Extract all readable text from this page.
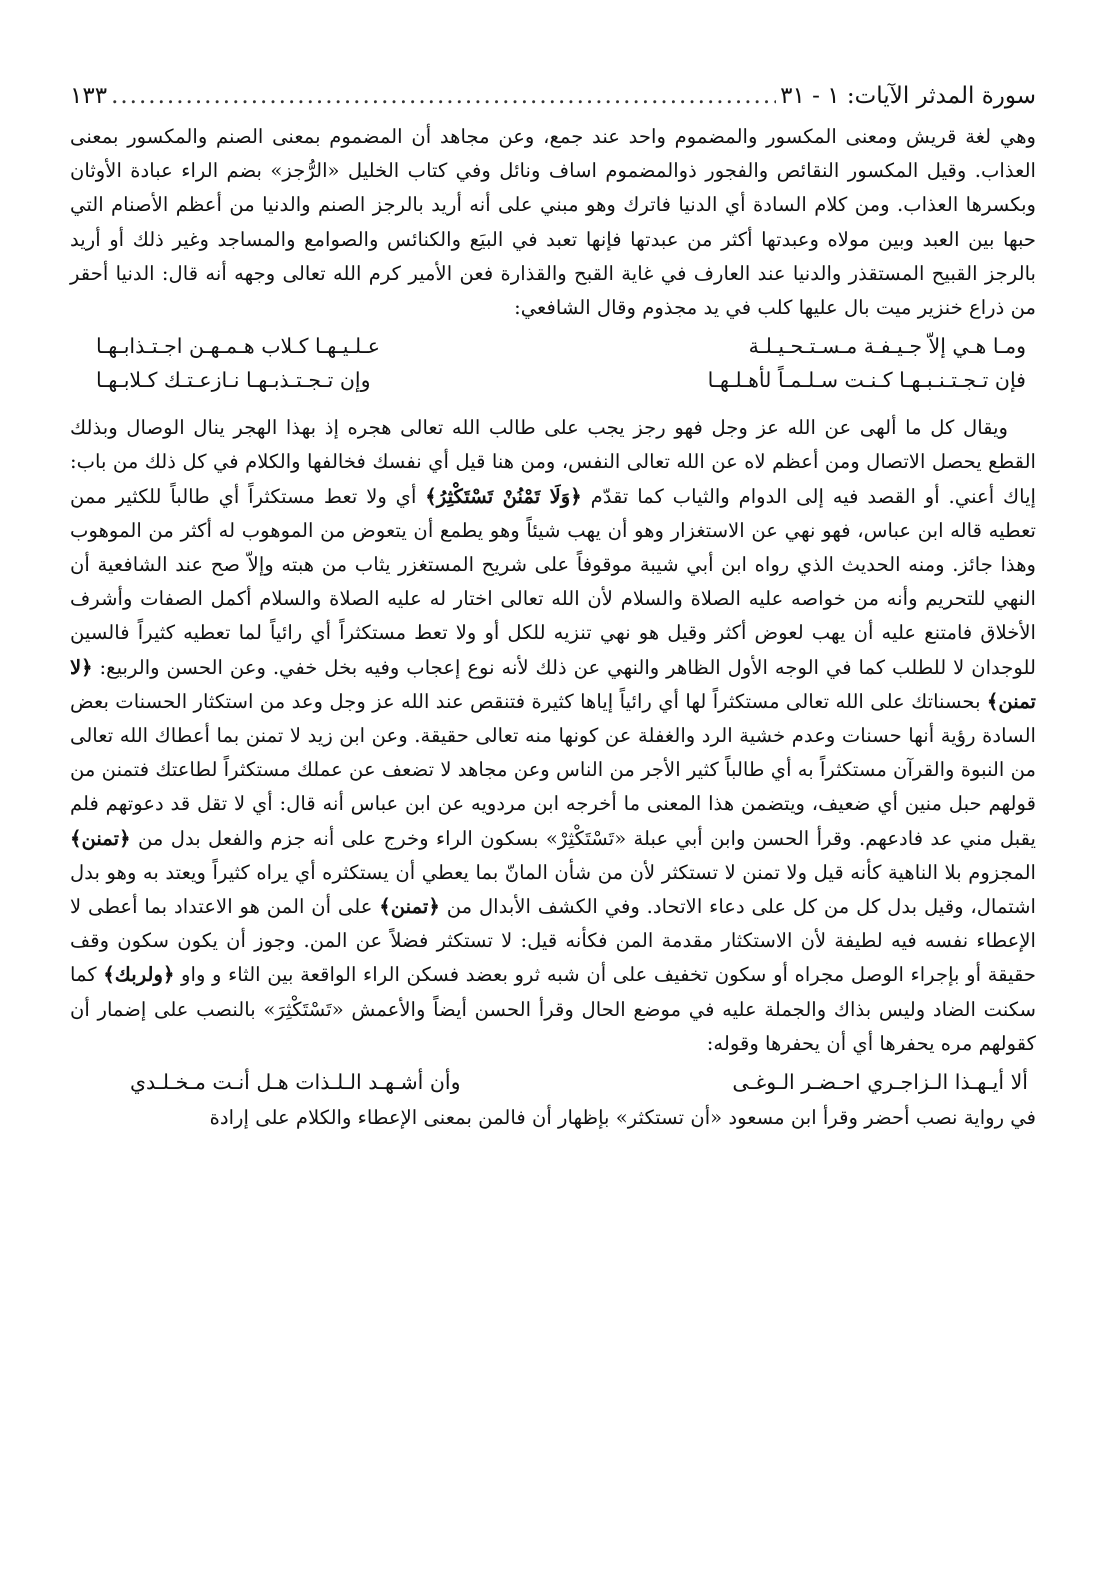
سورة المدثر الآيات: ١ - ٣١
.....
١٣٣

وهي لغة قريش ومعنى المكسور والمضموم واحد عند جمع، وعن مجاهد أن المضموم بمعنى الصنم والمكسور بمعنى العذاب. وقيل المكسور النقائص والفجور ذوالمضموم اساف ونائل وفي كتاب الخليل «الرُّجز» بضم الراء عبادة الأوثان وبكسرها العذاب. ومن كلام السادة أي الدنيا فاترك وهو مبني على أنه أريد بالرجز الصنم والدنيا من أعظم الأصنام التي حبها بين العبد وبين مولاه وعبدتها أكثر من عبدتها فإنها تعبد في البيَع والكنائس والصوامع والمساجد وغير ذلك أو أريد بالرجز القبيح المستقذر والدنيا عند العارف في غاية القبح والقذارة فعن الأمير كرم الله تعالى وجهه أنه قال: الدنيا أحقر من ذراع خنزير ميت بال عليها كلب في يد مجذوم وقال الشافعي:

ومـا هـي إلاّ جـيـفـة مـسـتـحـيـلـة
عـلـيـهـا كـلاب هـمـهـن اجـتـذابـهـا
فإن تـجـتـنـبـهـا كـنـت سـلـمـاً لأهـلـهـا
وإن تـجـتـذبـهـا نـازعـتـك كـلابـهـا

ويقال كل ما ألهى عن الله عز وجل فهو رجز يجب على طالب الله تعالى هجره إذ بهذا الهجر ينال الوصال وبذلك القطع يحصل الاتصال ومن أعظم لاه عن الله تعالى النفس، ومن هنا قيل أي نفسك فخالفها والكلام في كل ذلك من باب: إياك أعني. أو القصد فيه إلى الدوام والثياب كما تقدّم ﴿وَلَا تَمْنُنْ تَسْتَكْثِرُ﴾ أي ولا تعط مستكثراً أي طالباً للكثير ممن تعطيه قاله ابن عباس، فهو نهي عن الاستغزار وهو أن يهب شيئاً وهو يطمع أن يتعوض من الموهوب له أكثر من الموهوب وهذا جائز. ومنه الحديث الذي رواه ابن أبي شيبة موقوفاً على شريح المستغزر يثاب من هبته وإلاّ صح عند الشافعية أن النهي للتحريم وأنه من خواصه عليه الصلاة والسلام لأن الله تعالى اختار له عليه الصلاة والسلام أكمل الصفات وأشرف الأخلاق فامتنع عليه أن يهب لعوض أكثر وقيل هو نهي تنزيه للكل أو ولا تعط مستكثراً أي رائياً لما تعطيه كثيراً فالسين للوجدان لا للطلب كما في الوجه الأول الظاهر والنهي عن ذلك لأنه نوع إعجاب وفيه بخل خفي. وعن الحسن والربيع: ﴿لا تمنن﴾ بحسناتك على الله تعالى مستكثراً لها أي رائياً إياها كثيرة فتنقص عند الله عز وجل وعد من استكثار الحسنات بعض السادة رؤية أنها حسنات وعدم خشية الرد والغفلة عن كونها منه تعالى حقيقة. وعن ابن زيد لا تمنن بما أعطاك الله تعالى من النبوة والقرآن مستكثراً به أي طالباً كثير الأجر من الناس وعن مجاهد لا تضعف عن عملك مستكثراً لطاعتك فتمنن من قولهم حبل منين أي ضعيف، ويتضمن هذا المعنى ما أخرجه ابن مردويه عن ابن عباس أنه قال: أي لا تقل قد دعوتهم فلم يقبل مني عد فادعهم. وقرأ الحسن وابن أبي عبلة «تَسْتَكْثِرْ» بسكون الراء وخرج على أنه جزم والفعل بدل من ﴿تمنن﴾ المجزوم بلا الناهية كأنه قيل ولا تمنن لا تستكثر لأن من شأن المانّ بما يعطي أن يستكثره أي يراه كثيراً ويعتد به وهو بدل اشتمال، وقيل بدل كل من كل على دعاء الاتحاد. وفي الكشف الأبدال من ﴿تمنن﴾ على أن المن هو الاعتداد بما أعطى لا الإعطاء نفسه فيه لطيفة لأن الاستكثار مقدمة المن فكأنه قيل: لا تستكثر فضلاً عن المن. وجوز أن يكون سكون وقف حقيقة أو بإجراء الوصل مجراه أو سكون تخفيف على أن شبه ثرو بعضد فسكن الراء الواقعة بين الثاء و واو ﴿ولربك﴾ كما سكنت الضاد وليس بذاك والجملة عليه في موضع الحال وقرأ الحسن أيضاً والأعمش «تَسْتَكْثِرَ» بالنصب على إضمار أن كقولهم مره يحفرها أي أن يحفرها وقوله:

ألا أيـهـذا الـزاجـري احـضـر الـوغـى
وأن أشـهـد الـلـذات هـل أنـت مـخـلـدي

في رواية نصب أحضر وقرأ ابن مسعود «أن تستكثر» بإظهار أن فالمن بمعنى الإعطاء والكلام على إرادة
